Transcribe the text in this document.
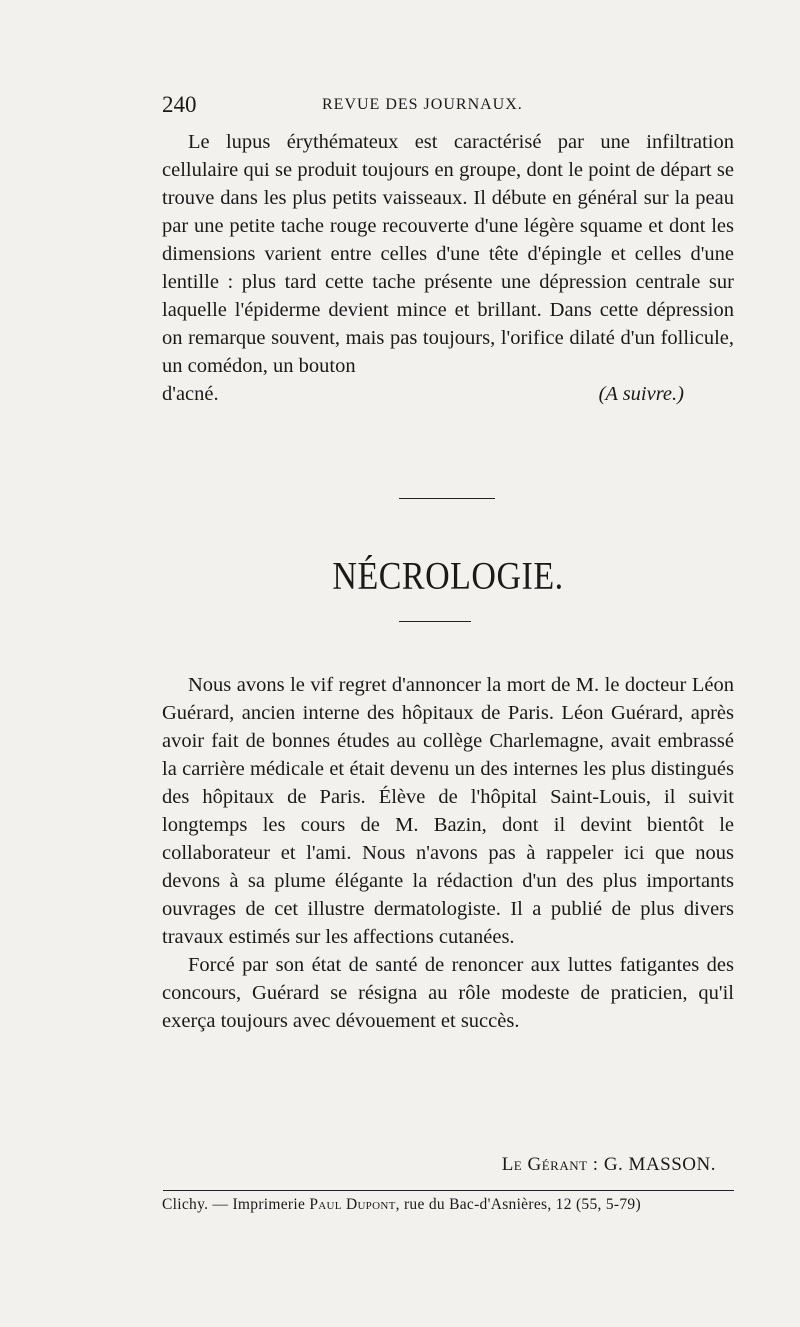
240	REVUE DES JOURNAUX.

Le lupus érythémateux est caractérisé par une infiltration cellulaire qui se produit toujours en groupe, dont le point de départ se trouve dans les plus petits vaisseaux. Il débute en général sur la peau par une petite tache rouge recouverte d'une légère squame et dont les dimensions varient entre celles d'une tête d'épingle et celles d'une lentille : plus tard cette tache présente une dépression centrale sur laquelle l'épiderme devient mince et brillant. Dans cette dépression on remarque souvent, mais pas toujours, l'orifice dilaté d'un follicule, un comédon, un bouton

d'acné.	(A suivre.)
NÉCROLOGIE.

Nous avons le vif regret d'annoncer la mort de M. le docteur Léon Guérard, ancien interne des hôpitaux de Paris. Léon Guérard, après avoir fait de bonnes études au collège Charlemagne, avait embrassé la carrière médicale et était devenu un des internes les plus distingués des hôpitaux de Paris. Élève de l'hôpital Saint-Louis, il suivit longtemps les cours de M. Bazin, dont il devint bientôt le collaborateur et l'ami. Nous n'avons pas à rappeler ici que nous devons à sa plume élégante la rédaction d'un des plus importants ouvrages de cet illustre dermatologiste. Il a publié de plus divers travaux estimés sur les affections cutanées.

Forcé par son état de santé de renoncer aux luttes fatigantes des concours, Guérard se résigna au rôle modeste de praticien, qu'il exerça toujours avec dévouement et succès.

Le Gérant : G. MASSON.
Clichy. — Imprimerie Paul Dupont, rue du Bac-d'Asnières, 12 (55, 5-79)
